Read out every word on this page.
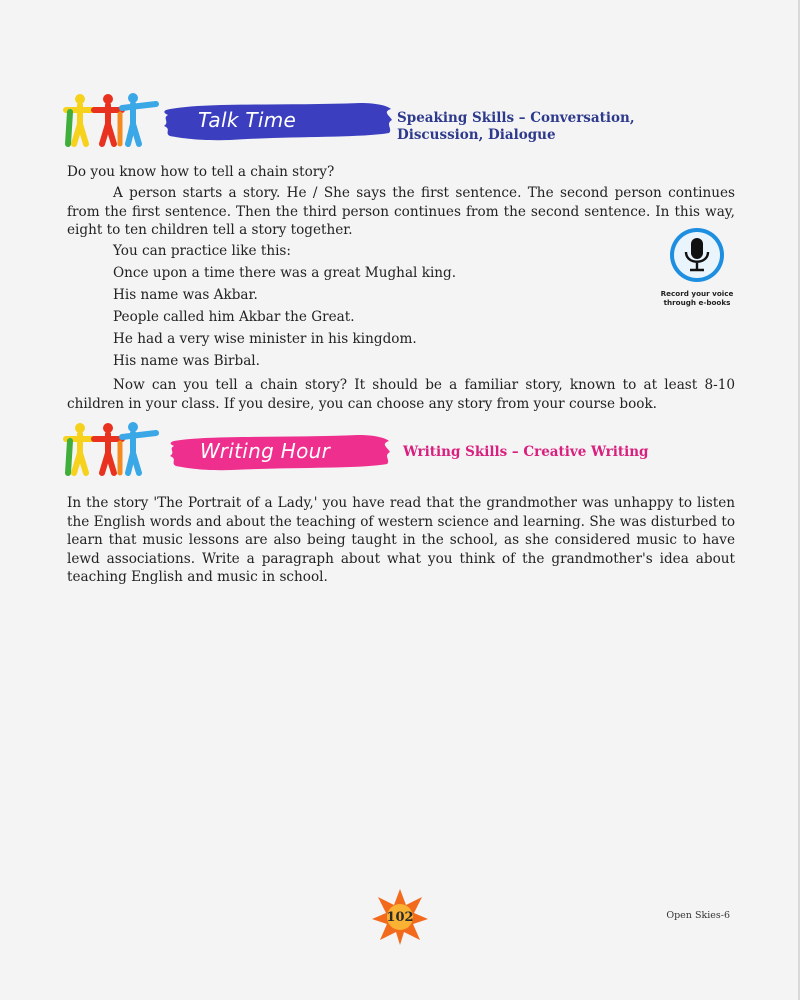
Talk Time	Speaking Skills – Conversation,
Discussion, Dialogue
Do you know how to tell a chain story?
A person starts a story. He / She says the first sentence. The second person continues from the first sentence. Then the third person continues from the second sentence. In this way, eight to ten children tell a story together.
You can practice like this:
Once upon a time there was a great Mughal king.
His name was Akbar.
People called him Akbar the Great.
He had a very wise minister in his kingdom.
His name was Birbal.
Now can you tell a chain story? It should be a familiar story, known to at least 8-10 children in your class. If you desire, you can choose any story from your course book.
Record your voice
through e-books
Writing Hour	Writing Skills – Creative Writing
In the story 'The Portrait of a Lady,' you have read that the grandmother was unhappy to listen the English words and about the teaching of western science and learning. She was disturbed to learn that music lessons are also being taught in the school, as she considered music to have lewd associations. Write a paragraph about what you think of the grandmother's idea about teaching English and music in school.
102	Open Skies-6
